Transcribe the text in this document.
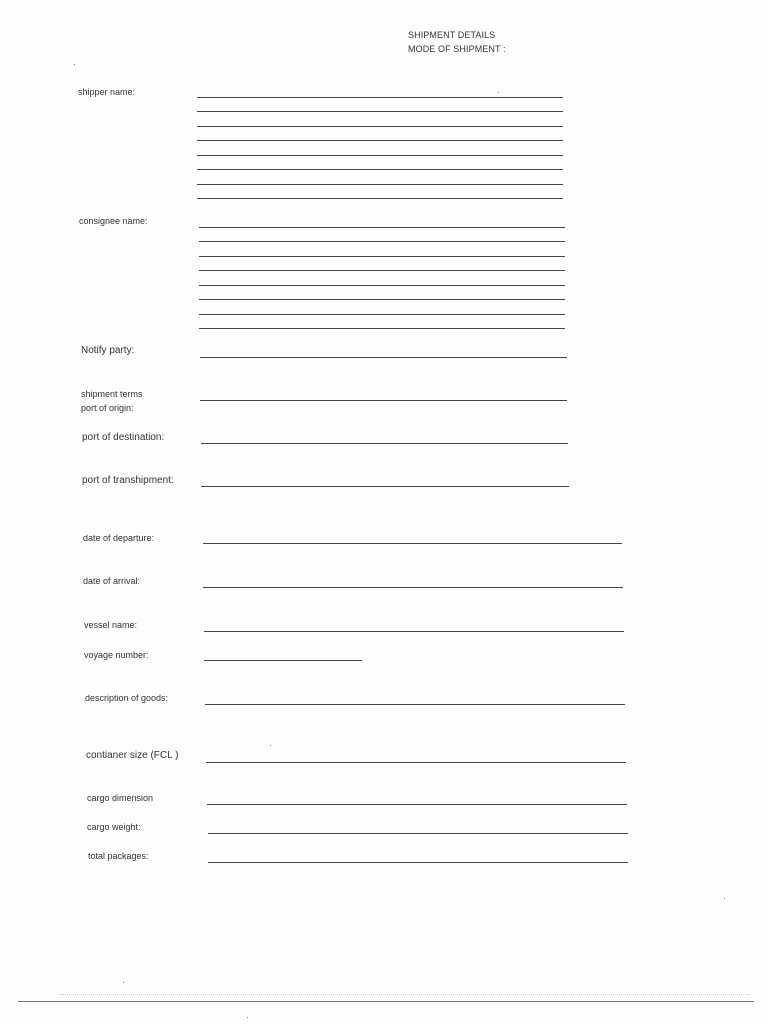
SHIPMENT DETAILS
MODE OF SHIPMENT :
shipper name:
consignee name:
Notify party:
shipment terms
port of origin:
port of destination:
port of transhipment:
date of departure:
date of arrival:
vessel name:
voyage number:
description of goods:
contianer size (FCL )
cargo dimension
cargo weight:
total packages:
